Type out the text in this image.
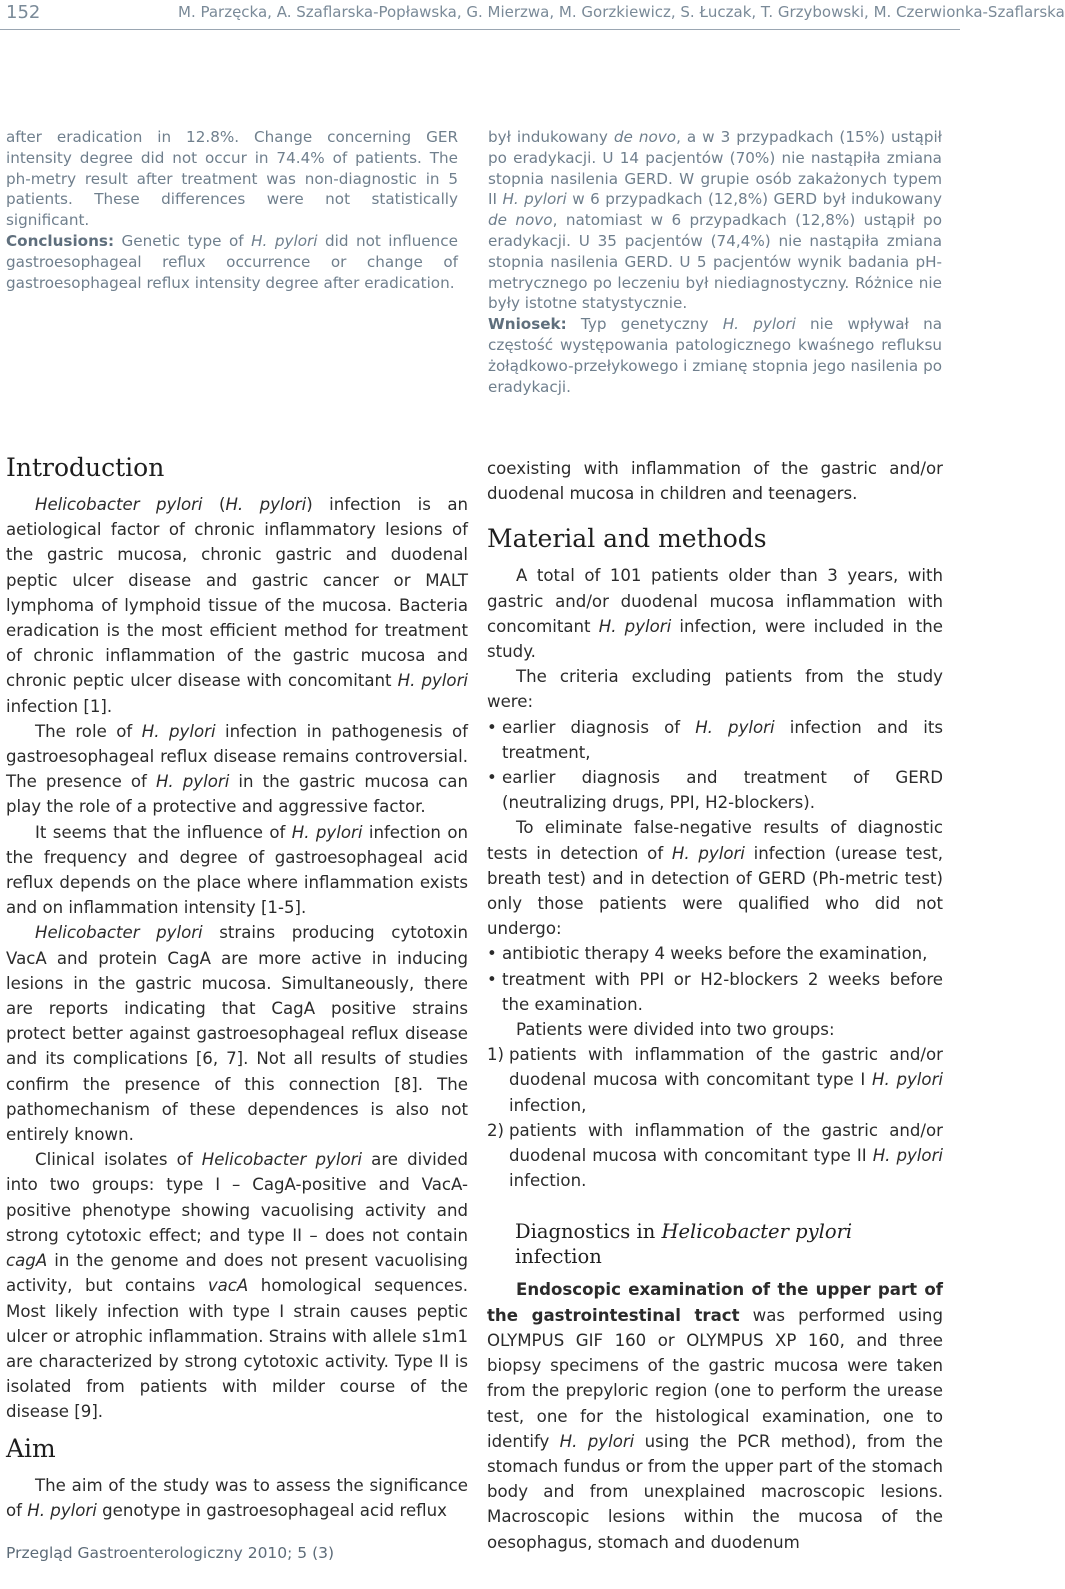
152	M. Parzęcka, A. Szaflarska-Popławska, G. Mierzwa, M. Gorzkiewicz, S. Łuczak, T. Grzybowski, M. Czerwionka-Szaflarska

after eradication in 12.8%. Change concerning GER intensity degree did not occur in 74.4% of patients. The ph-metry result after treatment was non-diagnostic in 5 patients. These differences were not statistically significant.

Conclusions: Genetic type of H. pylori did not influence gastroesophageal reflux occurrence or change of gastroesophageal reflux intensity degree after eradication.

był indukowany de novo, a w 3 przypadkach (15%) ustąpił po eradykacji. U 14 pacjentów (70%) nie nastąpiła zmiana stopnia nasilenia GERD. W grupie osób zakażonych typem II H. pylori w 6 przypadkach (12,8%) GERD był indukowany de novo, natomiast w 6 przypadkach (12,8%) ustąpił po eradykacji. U 35 pacjentów (74,4%) nie nastąpiła zmiana stopnia nasilenia GERD. U 5 pacjentów wynik badania pH-metrycznego po leczeniu był niediagnostyczny. Różnice nie były istotne statystycznie.

Wniosek: Typ genetyczny H. pylori nie wpływał na częstość występowania patologicznego kwaśnego refluksu żołądkowo-przełykowego i zmianę stopnia jego nasilenia po eradykacji.

Introduction

Helicobacter pylori (H. pylori) infection is an aetiological factor of chronic inflammatory lesions of the gastric mucosa, chronic gastric and duodenal peptic ulcer disease and gastric cancer or MALT lymphoma of lymphoid tissue of the mucosa. Bacteria eradication is the most efficient method for treatment of chronic inflammation of the gastric mucosa and chronic peptic ulcer disease with concomitant H. pylori infection [1].

The role of H. pylori infection in pathogenesis of gastroesophageal reflux disease remains controversial. The presence of H. pylori in the gastric mucosa can play the role of a protective and aggressive factor.

It seems that the influence of H. pylori infection on the frequency and degree of gastroesophageal acid reflux depends on the place where inflammation exists and on inflammation intensity [1-5].

Helicobacter pylori strains producing cytotoxin VacA and protein CagA are more active in inducing lesions in the gastric mucosa. Simultaneously, there are reports indicating that CagA positive strains protect better against gastroesophageal reflux disease and its complications [6, 7]. Not all results of studies confirm the presence of this connection [8]. The pathomechanism of these dependences is also not entirely known.

Clinical isolates of Helicobacter pylori are divided into two groups: type I – CagA-positive and VacA-positive phenotype showing vacuolising activity and strong cytotoxic effect; and type II – does not contain cagA in the genome and does not present vacuolising activity, but contains vacA homological sequences. Most likely infection with type I strain causes peptic ulcer or atrophic inflammation. Strains with allele s1m1 are characterized by strong cytotoxic activity. Type II is isolated from patients with milder course of the disease [9].

Aim

The aim of the study was to assess the significance of H. pylori genotype in gastroesophageal acid reflux

coexisting with inflammation of the gastric and/or duodenal mucosa in children and teenagers.

Material and methods

A total of 101 patients older than 3 years, with gastric and/or duodenal mucosa inflammation with concomitant H. pylori infection, were included in the study.

The criteria excluding patients from the study were:

• earlier diagnosis of H. pylori infection and its treatment,
• earlier diagnosis and treatment of GERD (neutralizing drugs, PPI, H2-blockers).

To eliminate false-negative results of diagnostic tests in detection of H. pylori infection (urease test, breath test) and in detection of GERD (Ph-metric test) only those patients were qualified who did not undergo:

• antibiotic therapy 4 weeks before the examination,
• treatment with PPI or H2-blockers 2 weeks before the examination.

Patients were divided into two groups:

1) patients with inflammation of the gastric and/or duodenal mucosa with concomitant type I H. pylori infection,
2) patients with inflammation of the gastric and/or duodenal mucosa with concomitant type II H. pylori infection.
Diagnostics in Helicobacter pylori infection

Endoscopic examination of the upper part of the gastrointestinal tract was performed using OLYMPUS GIF 160 or OLYMPUS XP 160, and three biopsy specimens of the gastric mucosa were taken from the prepyloric region (one to perform the urease test, one for the histological examination, one to identify H. pylori using the PCR method), from the stomach fundus or from the upper part of the stomach body and from unexplained macroscopic lesions. Macroscopic lesions within the mucosa of the oesophagus, stomach and duodenum

Przegląd Gastroenterologiczny 2010; 5 (3)
